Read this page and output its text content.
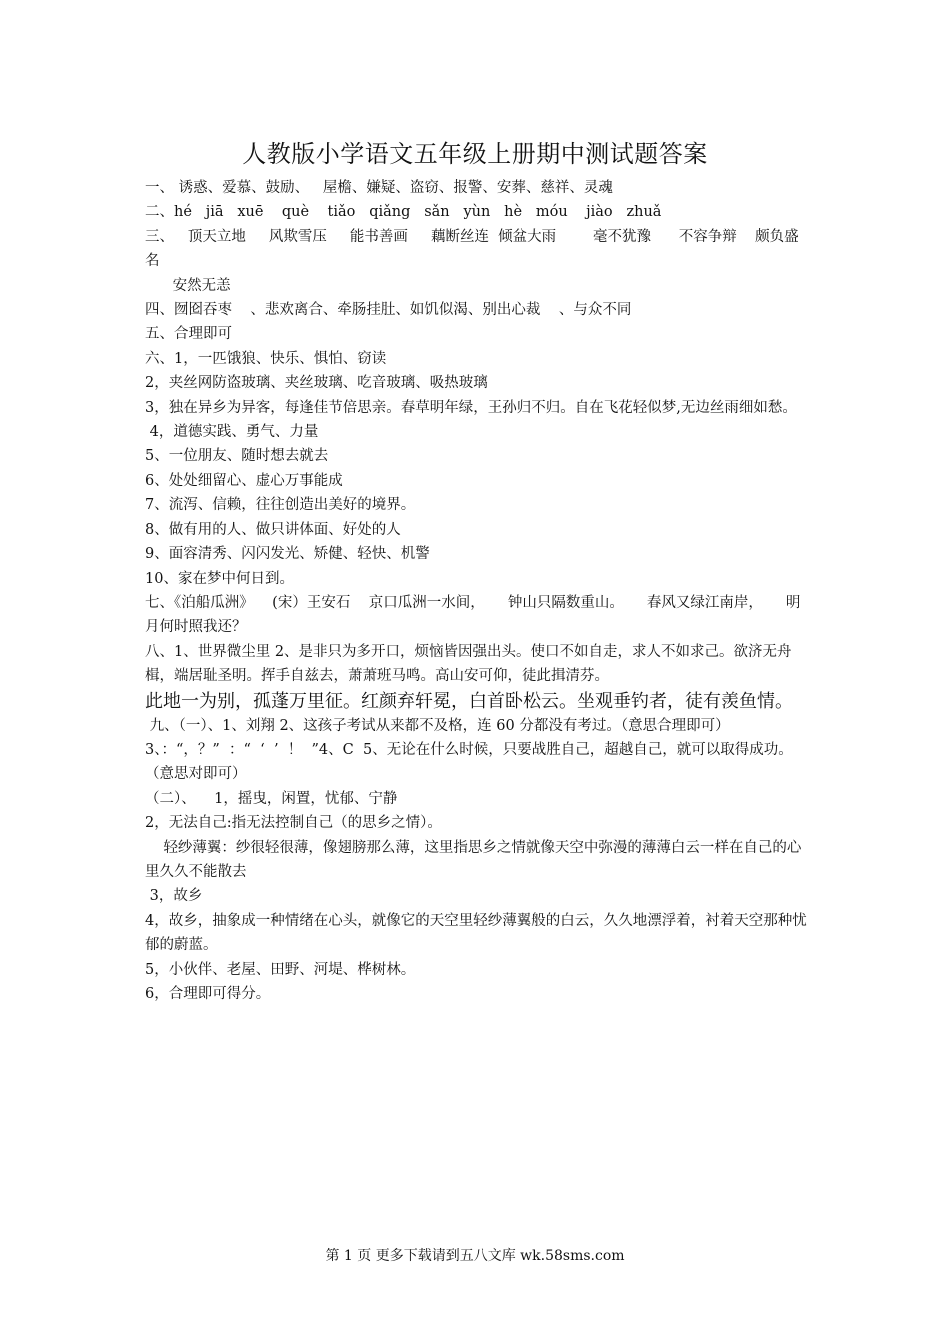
人教版小学语文五年级上册期中测试题答案

一、 诱惑、爱慕、鼓励、   屋檐、嫌疑、盗窃、报警、安葬、慈祥、灵魂

二、hé   jiā   xuē    què    tiǎo   qiǎng   sǎn   yùn   hè   móu    jiào   zhuǎ

三、   顶天立地     风欺雪压     能书善画     藕断丝连  倾盆大雨        毫不犹豫      不容争辩    颇负盛名

安然无恙

四、囫囵吞枣    、悲欢离合、牵肠挂肚、如饥似渴、别出心裁    、与众不同

五、合理即可

六、1，一匹饿狼、快乐、惧怕、窃读

2，夹丝网防盗玻璃、夹丝玻璃、吃音玻璃、吸热玻璃

3，独在异乡为异客，每逢佳节倍思亲。春草明年绿，王孙归不归。自在飞花轻似梦,无边丝雨细如愁。

4，道德实践、勇气、力量

5、一位朋友、随时想去就去

6、处处细留心、虚心万事能成

7、流泻、信赖，往往创造出美好的境界。

8、做有用的人、做只讲体面、好处的人

9、面容清秀、闪闪发光、矫健、轻快、机警

10、家在梦中何日到。

七、《泊船瓜洲》    (宋）王安石    京口瓜洲一水间，     钟山只隔数重山。     春风又绿江南岸，     明月何时照我还？

八、1、世界微尘里 2、是非只为多开口，烦恼皆因强出头。使口不如自走，求人不如求己。欲济无舟楫，端居耻圣明。挥手自兹去，萧萧班马鸣。高山安可仰，徒此揖清芬。

此地一为别，孤蓬万里征。红颜弃轩冕，白首卧松云。坐观垂钓者，徒有羡鱼情。

九、（一）、1、刘翔 2、这孩子考试从来都不及格，连 60 分都没有考过。（意思合理即可）

3、：“，？”  ：“  ‘  ’  ！  ”4、C  5、无论在什么时候，只要战胜自己，超越自己，就可以取得成功。（意思对即可）

（二）、    1，摇曳，闲置，忧郁、宁静

2，无法自己:指无法控制自己（的思乡之情）。

轻纱薄翼：纱很轻很薄，像翅膀那么薄，这里指思乡之情就像天空中弥漫的薄薄白云一样在自己的心里久久不能散去

3，故乡

4，故乡，抽象成一种情绪在心头，就像它的天空里轻纱薄翼般的白云，久久地漂浮着，衬着天空那种忧郁的蔚蓝。

5，小伙伴、老屋、田野、河堤、桦树林。

6，合理即可得分。

第 1 页 更多下载请到五八文库 wk.58sms.com
